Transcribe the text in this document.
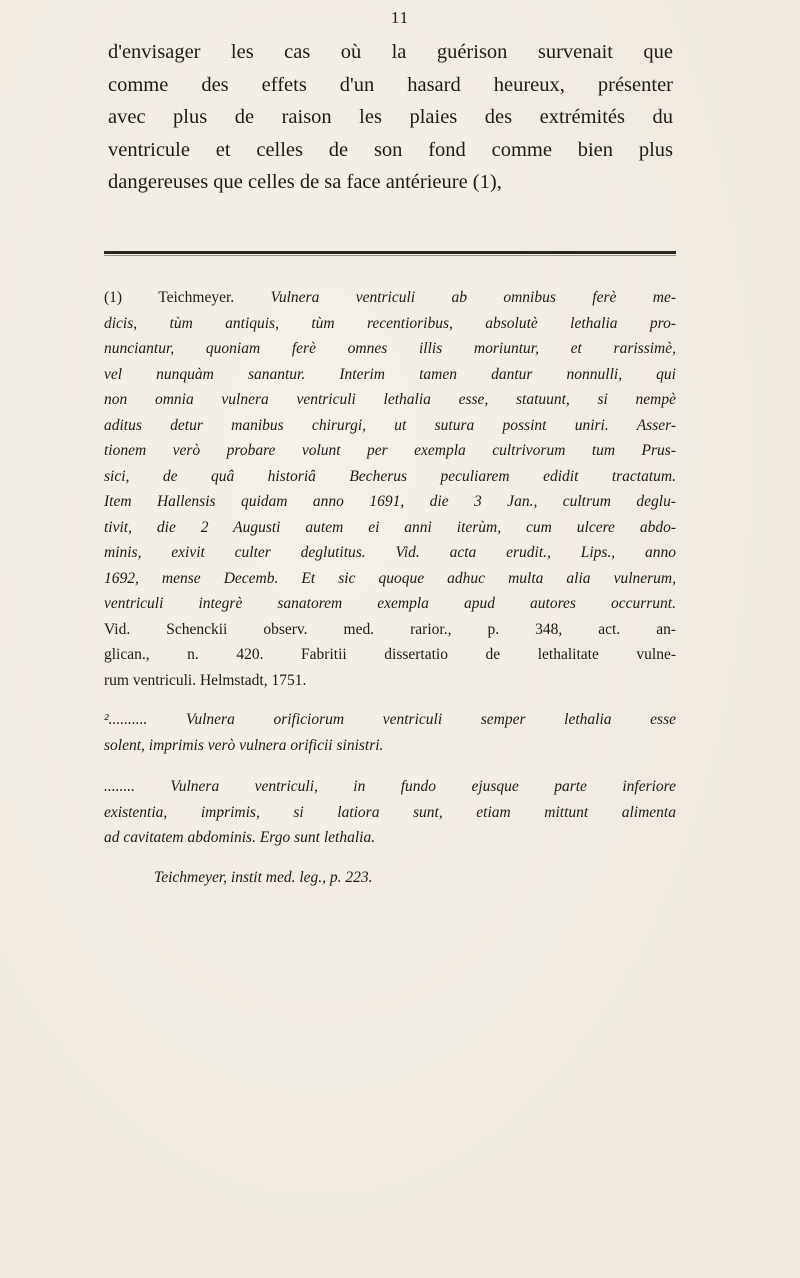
11
d'envisager les cas où la guérison survenait que
comme des effets d'un hasard heureux, présenter
avec plus de raison les plaies des extrémités du
ventricule et celles de son fond comme bien plus
dangereuses que celles de sa face antérieure (1),
(1) Teichmeyer. Vulnera ventriculi ab omnibus ferè me-
dicis, tùm antiquis, tùm recentioribus, absolutè lethalia pro-
nunciantur, quoniam ferè omnes illis moriuntur, et rarissimè,
vel nunquàm sanantur. Interim tamen dantur nonnulli, qui
non omnia vulnera ventriculi lethalia esse, statuunt, si nempè
aditus detur manibus chirurgi, ut sutura possint uniri. Asser-
tionem verò probare volunt per exempla cultrivorum tum Prus-
sici, de quâ historiâ Becherus peculiarem edidit tractatum.
Item Hallensis quidam anno 1691, die 3 Jan., cultrum deglu-
tivit, die 2 Augusti autem ei anni iterùm, cum ulcere abdo-
minis, exivit culter deglutitus. Vid. acta erudit., Lips., anno
1692, mense Decemb. Et sic quoque adhuc multa alia vulnerum,
ventriculi integrè sanatorem exempla apud autores occurrunt.
Vid. Schenckii observ. med. rarior., p. 348, act. an-
glican., n. 420. Fabritii dissertatio de lethalitate vulne-
rum ventriculi. Helmstadt, 1751.
².......... Vulnera orificiorum ventriculi semper lethalia esse
solent, imprimis verò vulnera orificii sinistri.
........ Vulnera ventriculi, in fundo ejusque parte inferiore
existentia, imprimis, si latiora sunt, etiam mittunt alimenta
ad cavitatem abdominis. Ergo sunt lethalia.
Teichmeyer, instit med. leg., p. 223.
